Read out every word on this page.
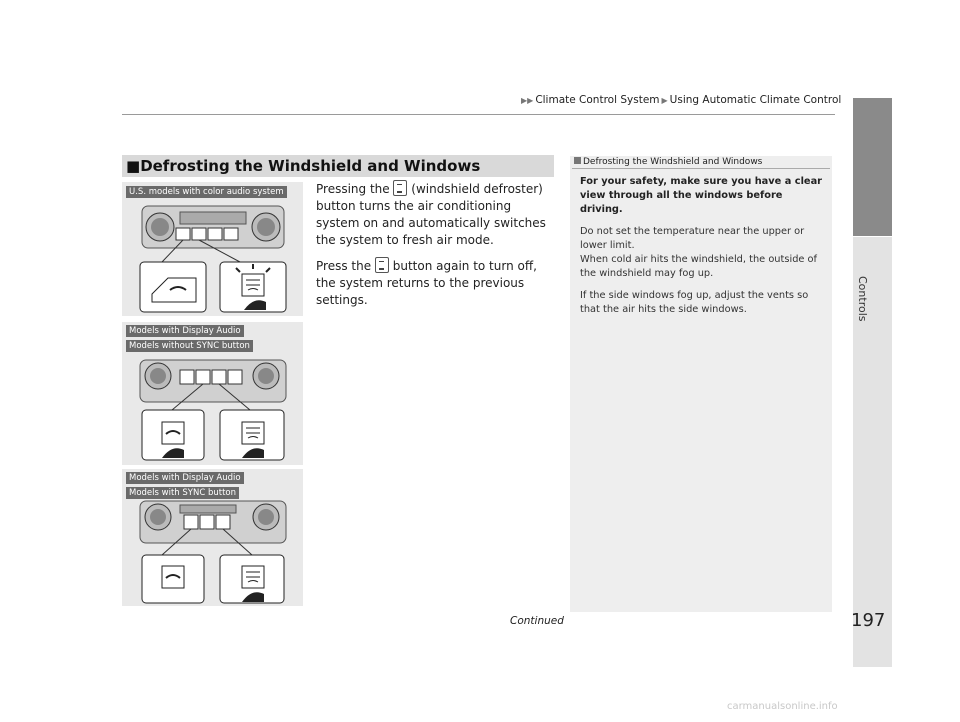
▶▶ Climate Control System ▶ Using Automatic Climate Control
Controls
■Defrosting the Windshield and Windows

Pressing the  (windshield defroster) button turns the air conditioning system on and automatically switches the system to fresh air mode.

Press the  button again to turn off, the system returns to the previous settings.

U.S. models with color audio system
Models with Display Audio
Models without SYNC button
Models with Display Audio
Models with SYNC button
Defrosting the Windshield and Windows

For your safety, make sure you have a clear view through all the windows before driving.

Do not set the temperature near the upper or lower limit.

When cold air hits the windshield, the outside of the windshield may fog up.

If the side windows fog up, adjust the vents so that the air hits the side windows.

Continued	197
carmanualsonline.info
